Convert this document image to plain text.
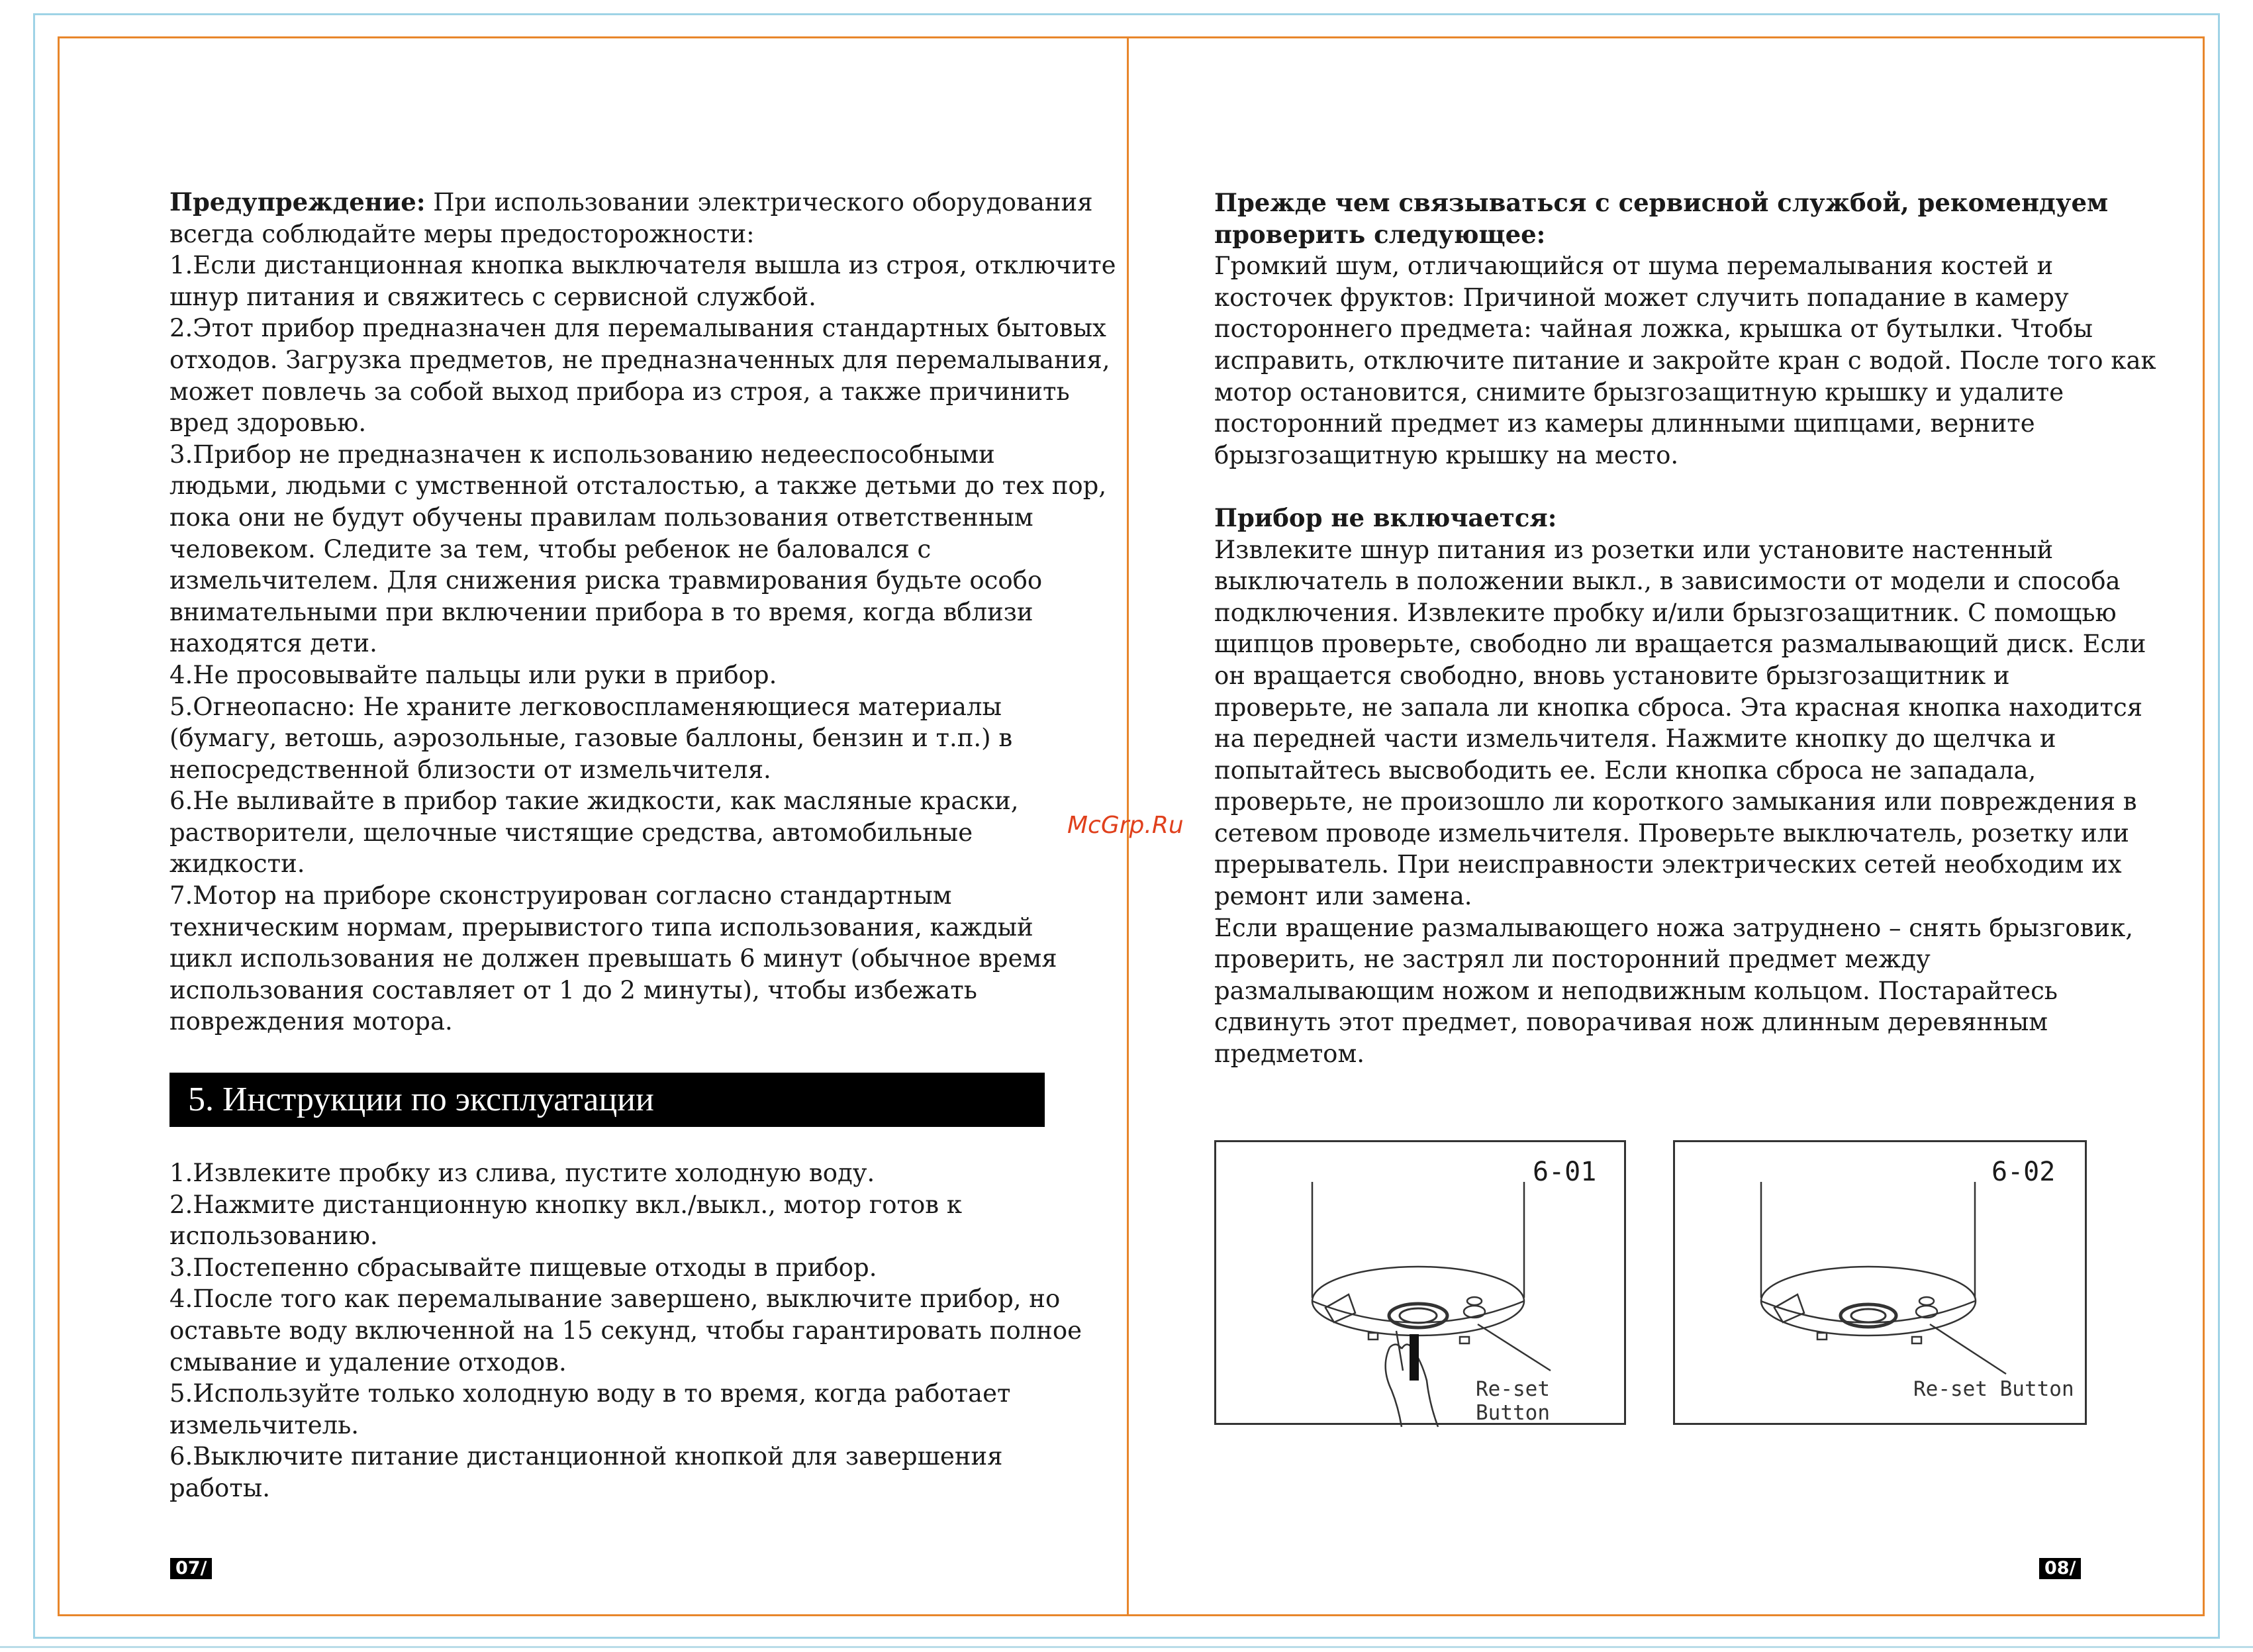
Предупреждение: При использовании электрического оборудования

всегда соблюдайте меры предосторожности:

1.Если дистанционная кнопка выключателя вышла из строя, отключите

шнур питания и свяжитесь с сервисной службой.

2.Этот прибор предназначен для перемалывания стандартных бытовых

отходов. Загрузка предметов, не предназначенных для перемалывания,

может повлечь за собой выход прибора из строя, а также причинить

вред здоровью.

3.Прибор не предназначен к использованию недееспособными

людьми, людьми с умственной отсталостью, а также детьми до тех пор,

пока они не будут обучены правилам пользования ответственным

человеком. Следите за тем, чтобы ребенок не баловался с

измельчителем. Для снижения риска травмирования будьте особо

внимательными при включении прибора в то время, когда вблизи

находятся дети.

4.Не просовывайте пальцы или руки в прибор.

5.Огнеопасно: Не храните легковоспламеняющиеся материалы

(бумагу, ветошь, аэрозольные, газовые баллоны, бензин и т.п.) в

непосредственной близости от измельчителя.

6.Не выливайте в прибор такие жидкости, как масляные краски,

растворители, щелочные чистящие средства, автомобильные

жидкости.

7.Мотор на приборе сконструирован согласно стандартным

техническим нормам, прерывистого типа использования, каждый

цикл использования не должен превышать 6 минут (обычное время

использования составляет от 1 до 2 минуты), чтобы избежать

повреждения мотора.

5. Инструкции по эксплуатации

1.Извлеките пробку из слива, пустите холодную воду.

2.Нажмите дистанционную кнопку вкл./выкл., мотор готов к

использованию.

3.Постепенно сбрасывайте пищевые отходы в прибор.

4.После того как перемалывание завершено, выключите прибор, но

оставьте воду включенной на 15 секунд, чтобы гарантировать полное

смывание и удаление отходов.

5.Используйте только холодную воду в то время, когда работает

измельчитель.

6.Выключите питание дистанционной кнопкой для завершения

работы.

07/
McGrp.Ru

Прежде чем связываться с сервисной службой, рекомендуем

проверить следующее:

Громкий шум, отличающийся от шума перемалывания костей и

косточек фруктов: Причиной может случить попадание в камеру

постороннего предмета: чайная ложка, крышка от бутылки. Чтобы

исправить, отключите питание и закройте кран с водой. После того как

мотор остановится, снимите брызгозащитную крышку и удалите

посторонний предмет из камеры длинными щипцами, верните

брызгозащитную крышку на место.

Прибор не включается:

Извлеките шнур питания из розетки или установите настенный

выключатель в положении выкл., в зависимости от модели и способа

подключения. Извлеките пробку и/или брызгозащитник. С помощью

щипцов проверьте, свободно ли вращается размалывающий диск. Если

он вращается свободно, вновь установите брызгозащитник и

проверьте, не запала ли кнопка сброса. Эта красная кнопка находится

на передней части измельчителя. Нажмите кнопку до щелчка и

попытайтесь высвободить ее. Если кнопка сброса не западала,

проверьте, не произошло ли короткого замыкания или повреждения в

сетевом проводе измельчителя. Проверьте выключатель, розетку или

прерыватель. При неисправности электрических сетей необходим их

ремонт или замена.

Если вращение размалывающего ножа затруднено – снять брызговик,

проверить, не застрял ли посторонний предмет между

размалывающим ножом и неподвижным кольцом. Постарайтесь

сдвинуть этот предмет, поворачивая нож длинным деревянным

предметом.

6-01
Re-set Button
6-02
Re-set Button
08/
